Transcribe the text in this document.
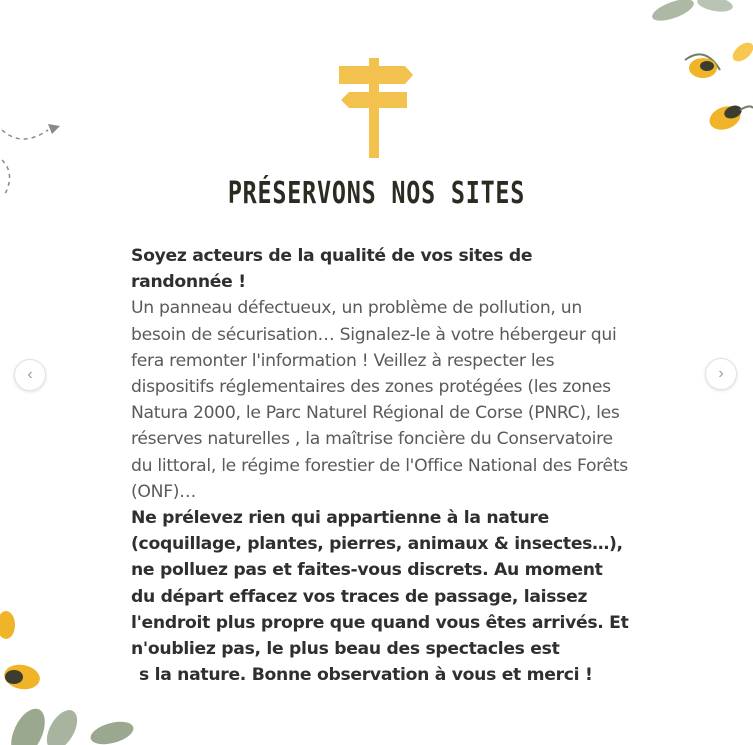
PRÉSERVONS NOS SITES

Soyez acteurs de la qualité de vos sites de randonnée !

Un panneau défectueux, un problème de pollution, un besoin de sécurisation… Signalez-le à votre hébergeur qui fera remonter l'information ! Veillez à respecter les dispositifs réglementaires des zones protégées (les zones Natura 2000, le Parc Naturel Régional de Corse (PNRC), les réserves naturelles , la maîtrise foncière du Conservatoire du littoral, le régime forestier de l'Office National des Forêts (ONF)…

Ne prélevez rien qui appartienne à la nature (coquillage, plantes, pierres, animaux & insectes…), ne polluez pas et faites-vous discrets. Au moment du départ effacez vos traces de passage, laissez l'endroit plus propre que quand vous êtes arrivés. Et n'oubliez pas, le plus beau des spectacles est

s la nature. Bonne observation à vous et merci !

‹	›
